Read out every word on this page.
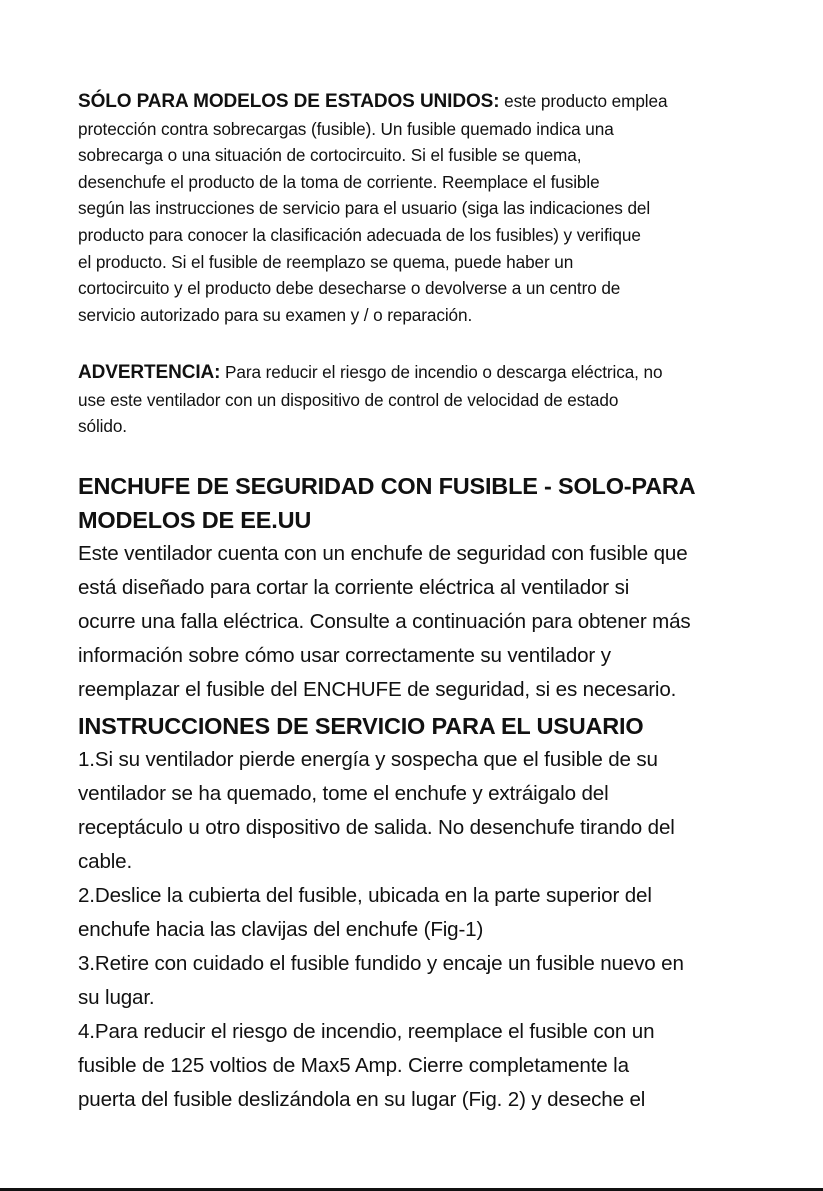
SÓLO PARA MODELOS DE ESTADOS UNIDOS: este producto emplea
protección contra sobrecargas (fusible). Un fusible quemado indica una
sobrecarga o una situación de cortocircuito. Si el fusible se quema,
desenchufe el producto de la toma de corriente. Reemplace el fusible
según las instrucciones de servicio para el usuario (siga las indicaciones del
producto para conocer la clasificación adecuada de los fusibles) y verifique
el producto. Si el fusible de reemplazo se quema, puede haber un
cortocircuito y el producto debe desecharse o devolverse a un centro de
servicio autorizado para su examen y / o reparación.
ADVERTENCIA: Para reducir el riesgo de incendio o descarga eléctrica, no
use este ventilador con un dispositivo de control de velocidad de estado
sólido.
ENCHUFE DE SEGURIDAD CON FUSIBLE - SOLO-PARA
MODELOS DE EE.UU
Este ventilador cuenta con un enchufe de seguridad con fusible que
está diseñado para cortar la corriente eléctrica al ventilador si
ocurre una falla eléctrica. Consulte a continuación para obtener más
información sobre cómo usar correctamente su ventilador y
reemplazar el fusible del ENCHUFE de seguridad, si es necesario.
INSTRUCCIONES DE SERVICIO PARA EL USUARIO
1.Si su ventilador pierde energía y sospecha que el fusible de su
ventilador se ha quemado, tome el enchufe y extráigalo del
receptáculo u otro dispositivo de salida. No desenchufe tirando del
cable.
2.Deslice la cubierta del fusible, ubicada en la parte superior del
enchufe hacia las clavijas del enchufe (Fig-1)
3.Retire con cuidado el fusible fundido y encaje un fusible nuevo en
su lugar.
4.Para reducir el riesgo de incendio, reemplace el fusible con un
fusible de 125 voltios de Max5 Amp. Cierre completamente la
puerta del fusible deslizándola en su lugar (Fig. 2) y deseche el
